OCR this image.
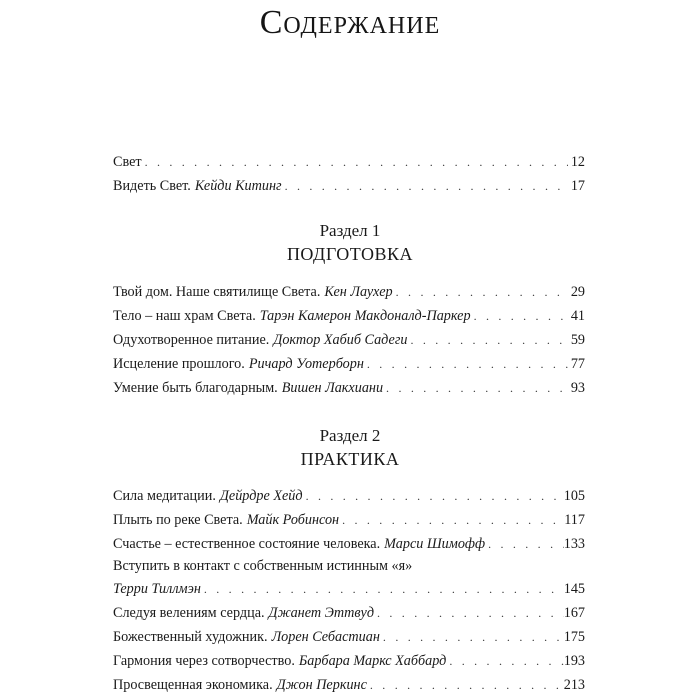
Содержание
Свет . . .	12
Видеть Свет. Кейди Китинг . . .	17
Раздел 1
ПОДГОТОВКА
Твой дом. Наше святилище Света. Кен Лаухер . . .	29
Тело – наш храм Света. Тарэн Камерон Макдоналд-Паркер . . .	41
Одухотворенное питание. Доктор Хабиб Садеги . . .	59
Исцеление прошлого. Ричард Уотерборн . . .	77
Умение быть благодарным. Вишен Лакхиани . . .	93
Раздел 2
ПРАКТИКА
Сила медитации. Дейрдре Хейд . . .	105
Плыть по реке Света. Майк Робинсон . . .	117
Счастье – естественное состояние человека. Марси Шимофф . . .	133
Вступить в контакт с собственным истинным «я»
Терри Тиллмэн . . .	145
Следуя велениям сердца. Джанет Эттвуд . . .	167
Божественный художник. Лорен Себастиан . . .	175
Гармония через сотворчество. Барбара Маркс Хаббард . . .	193
Просвещенная экономика. Джон Перкинс . . .	213
